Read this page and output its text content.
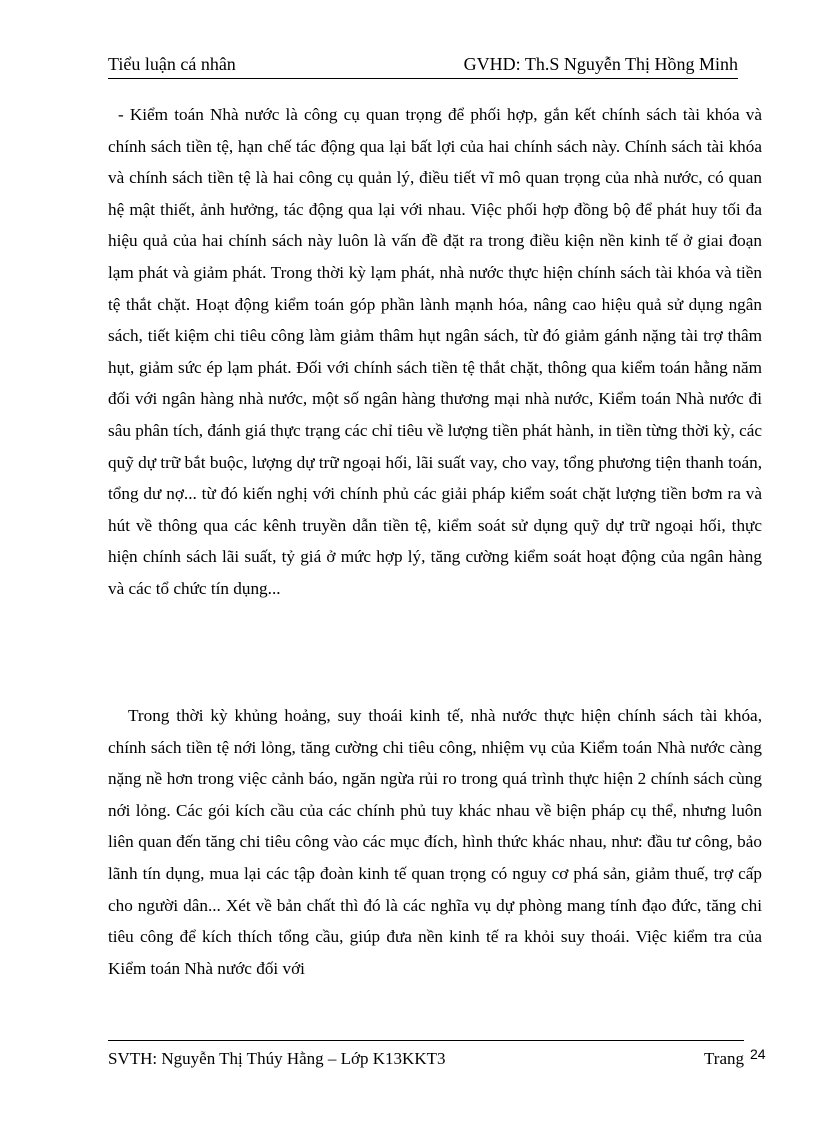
Tiểu luận cá nhân	GVHD: Th.S Nguyễn Thị Hồng Minh

- Kiểm toán Nhà nước là công cụ quan trọng để phối hợp, gắn kết chính sách tài khóa và chính sách tiền tệ, hạn chế tác động qua lại bất lợi của hai chính sách này. Chính sách tài khóa và chính sách tiền tệ là hai công cụ quản lý, điều tiết vĩ mô quan trọng của nhà nước, có quan hệ mật thiết, ảnh hưởng, tác động qua lại với nhau. Việc phối hợp đồng bộ để phát huy tối đa hiệu quả của hai chính sách này luôn là vấn đề đặt ra trong điều kiện nền kinh tế ở giai đoạn lạm phát và giảm phát. Trong thời kỳ lạm phát, nhà nước thực hiện chính sách tài khóa và tiền tệ thắt chặt. Hoạt động kiểm toán góp phần lành mạnh hóa, nâng cao hiệu quả sử dụng ngân sách, tiết kiệm chi tiêu công làm giảm thâm hụt ngân sách, từ đó giảm gánh nặng tài trợ thâm hụt, giảm sức ép lạm phát. Đối với chính sách tiền tệ thắt chặt, thông qua kiểm toán hằng năm đối với ngân hàng nhà nước, một số ngân hàng thương mại nhà nước, Kiểm toán Nhà nước đi sâu phân tích, đánh giá thực trạng các chỉ tiêu về lượng tiền phát hành, in tiền từng thời kỳ, các quỹ dự trữ bắt buộc, lượng dự trữ ngoại hối, lãi suất vay, cho vay, tổng phương tiện thanh toán, tổng dư nợ... từ đó kiến nghị với chính phủ các giải pháp kiểm soát chặt lượng tiền bơm ra và hút về thông qua các kênh truyền dẫn tiền tệ, kiểm soát sử dụng quỹ dự trữ ngoại hối, thực hiện chính sách lãi suất, tỷ giá ở mức hợp lý, tăng cường kiểm soát hoạt động của ngân hàng và các tổ chức tín dụng...

Trong thời kỳ khủng hoảng, suy thoái kinh tế, nhà nước thực hiện chính sách tài khóa, chính sách tiền tệ nới lỏng, tăng cường chi tiêu công, nhiệm vụ của Kiểm toán Nhà nước càng nặng nề hơn trong việc cảnh báo, ngăn ngừa rủi ro trong quá trình thực hiện 2 chính sách cùng nới lỏng. Các gói kích cầu của các chính phủ tuy khác nhau về biện pháp cụ thể, nhưng luôn liên quan đến tăng chi tiêu công vào các mục đích, hình thức khác nhau, như: đầu tư công, bảo lãnh tín dụng, mua lại các tập đoàn kinh tế quan trọng có nguy cơ phá sản, giảm thuế, trợ cấp cho người dân... Xét về bản chất thì đó là các nghĩa vụ dự phòng mang tính đạo đức, tăng chi tiêu công để kích thích tổng cầu, giúp đưa nền kinh tế ra khỏi suy thoái. Việc kiểm tra của Kiểm toán Nhà nước đối với

SVTH: Nguyễn Thị Thúy Hằng – Lớp K13KKT3	Trang 24
